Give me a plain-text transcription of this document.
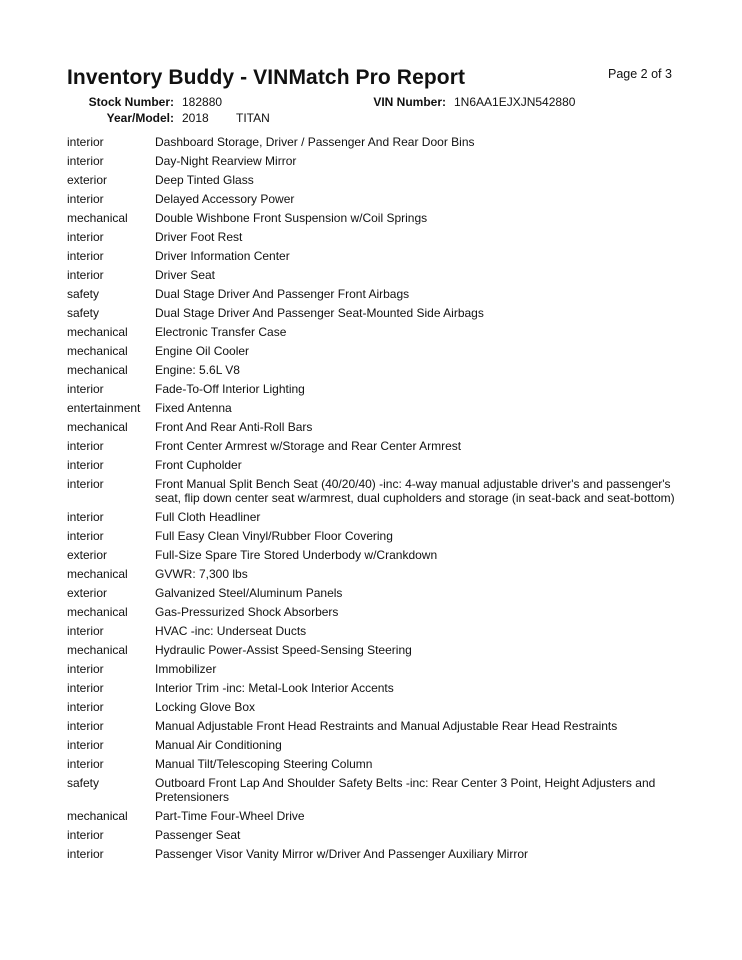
Inventory Buddy - VINMatch Pro Report	Page 2 of 3
Stock Number: 182880	VIN Number: 1N6AA1EJXJN542880
Year/Model: 2018 TITAN
interior	Dashboard Storage, Driver / Passenger And Rear Door Bins
interior	Day-Night Rearview Mirror
exterior	Deep Tinted Glass
interior	Delayed Accessory Power
mechanical	Double Wishbone Front Suspension w/Coil Springs
interior	Driver Foot Rest
interior	Driver Information Center
interior	Driver Seat
safety	Dual Stage Driver And Passenger Front Airbags
safety	Dual Stage Driver And Passenger Seat-Mounted Side Airbags
mechanical	Electronic Transfer Case
mechanical	Engine Oil Cooler
mechanical	Engine: 5.6L V8
interior	Fade-To-Off Interior Lighting
entertainment	Fixed Antenna
mechanical	Front And Rear Anti-Roll Bars
interior	Front Center Armrest w/Storage and Rear Center Armrest
interior	Front Cupholder
interior	Front Manual Split Bench Seat (40/20/40) -inc: 4-way manual adjustable driver's and passenger's seat, flip down center seat w/armrest, dual cupholders and storage (in seat-back and seat-bottom)
interior	Full Cloth Headliner
interior	Full Easy Clean Vinyl/Rubber Floor Covering
exterior	Full-Size Spare Tire Stored Underbody w/Crankdown
mechanical	GVWR: 7,300 lbs
exterior	Galvanized Steel/Aluminum Panels
mechanical	Gas-Pressurized Shock Absorbers
interior	HVAC -inc: Underseat Ducts
mechanical	Hydraulic Power-Assist Speed-Sensing Steering
interior	Immobilizer
interior	Interior Trim -inc: Metal-Look Interior Accents
interior	Locking Glove Box
interior	Manual Adjustable Front Head Restraints and Manual Adjustable Rear Head Restraints
interior	Manual Air Conditioning
interior	Manual Tilt/Telescoping Steering Column
safety	Outboard Front Lap And Shoulder Safety Belts -inc: Rear Center 3 Point, Height Adjusters and Pretensioners
mechanical	Part-Time Four-Wheel Drive
interior	Passenger Seat
interior	Passenger Visor Vanity Mirror w/Driver And Passenger Auxiliary Mirror
